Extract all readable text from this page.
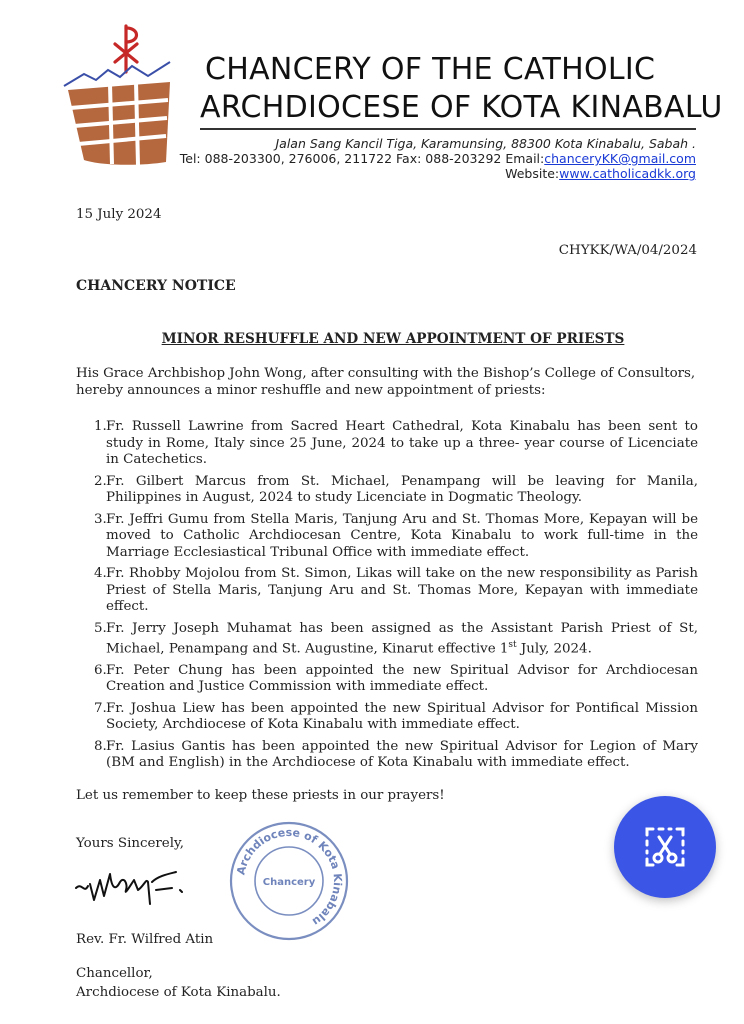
CHANCERY OF THE CATHOLIC
ARCHDIOCESE OF KOTA KINABALU
Jalan Sang Kancil Tiga, Karamunsing, 88300 Kota Kinabalu, Sabah .
Tel: 088-203300, 276006, 211722 Fax: 088-203292 Email:chanceryKK@gmail.com
Website:www.catholicadkk.org
15 July 2024
CHYKK/WA/04/2024
CHANCERY NOTICE
MINOR RESHUFFLE AND NEW APPOINTMENT OF PRIESTS
His Grace Archbishop John Wong, after consulting with the Bishop’s College of Consultors, hereby announces a minor reshuffle and new appointment of priests:
1. Fr. Russell Lawrine from Sacred Heart Cathedral, Kota Kinabalu has been sent to study in Rome, Italy since 25 June, 2024 to take up a three- year course of Licenciate in Catechetics.
2. Fr. Gilbert Marcus from St. Michael, Penampang will be leaving for Manila, Philippines in August, 2024 to study Licenciate in Dogmatic Theology.
3. Fr. Jeffri Gumu from Stella Maris, Tanjung Aru and St. Thomas More, Kepayan will be moved to Catholic Archdiocesan Centre, Kota Kinabalu to work full-time in the Marriage Ecclesiastical Tribunal Office with immediate effect.
4. Fr. Rhobby Mojolou from St. Simon, Likas will take on the new responsibility as Parish Priest of Stella Maris, Tanjung Aru and St. Thomas More, Kepayan with immediate effect.
5. Fr. Jerry Joseph Muhamat has been assigned as the Assistant Parish Priest of St, Michael, Penampang and St. Augustine, Kinarut effective 1st July, 2024.
6. Fr. Peter Chung has been appointed the new Spiritual Advisor for Archdiocesan Creation and Justice Commission with immediate effect.
7. Fr. Joshua Liew has been appointed the new Spiritual Advisor for Pontifical Mission Society, Archdiocese of Kota Kinabalu with immediate effect.
8. Fr. Lasius Gantis has been appointed the new Spiritual Advisor for Legion of Mary (BM and English) in the Archdiocese of Kota Kinabalu with immediate effect.
Let us remember to keep these priests in our prayers!
Yours Sincerely,
Archdiocese of Kota Kinabalu
Chancery
Rev. Fr. Wilfred Atin
Chancellor,
Archdiocese of Kota Kinabalu.
